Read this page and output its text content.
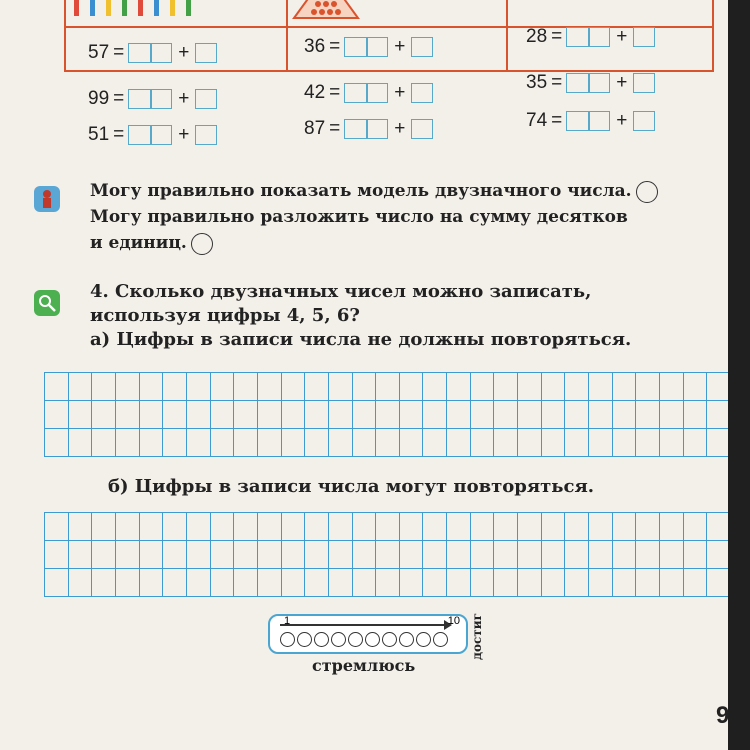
57 =	+	36 =	+	28 =	+
99 =	+	42 =	+	35 =	+
51 =	+	87 =	+	74 =	+
Могу правильно показать модель двузначного числа.
Могу правильно разложить число на сумму десятков
и единиц.
4. Сколько двузначных чисел можно записать,
используя цифры 4, 5, 6?
а) Цифры в записи числа не должны повторяться.
б) Цифры в записи числа могут повторяться.
1	10
стремлюсь
достиг
9
